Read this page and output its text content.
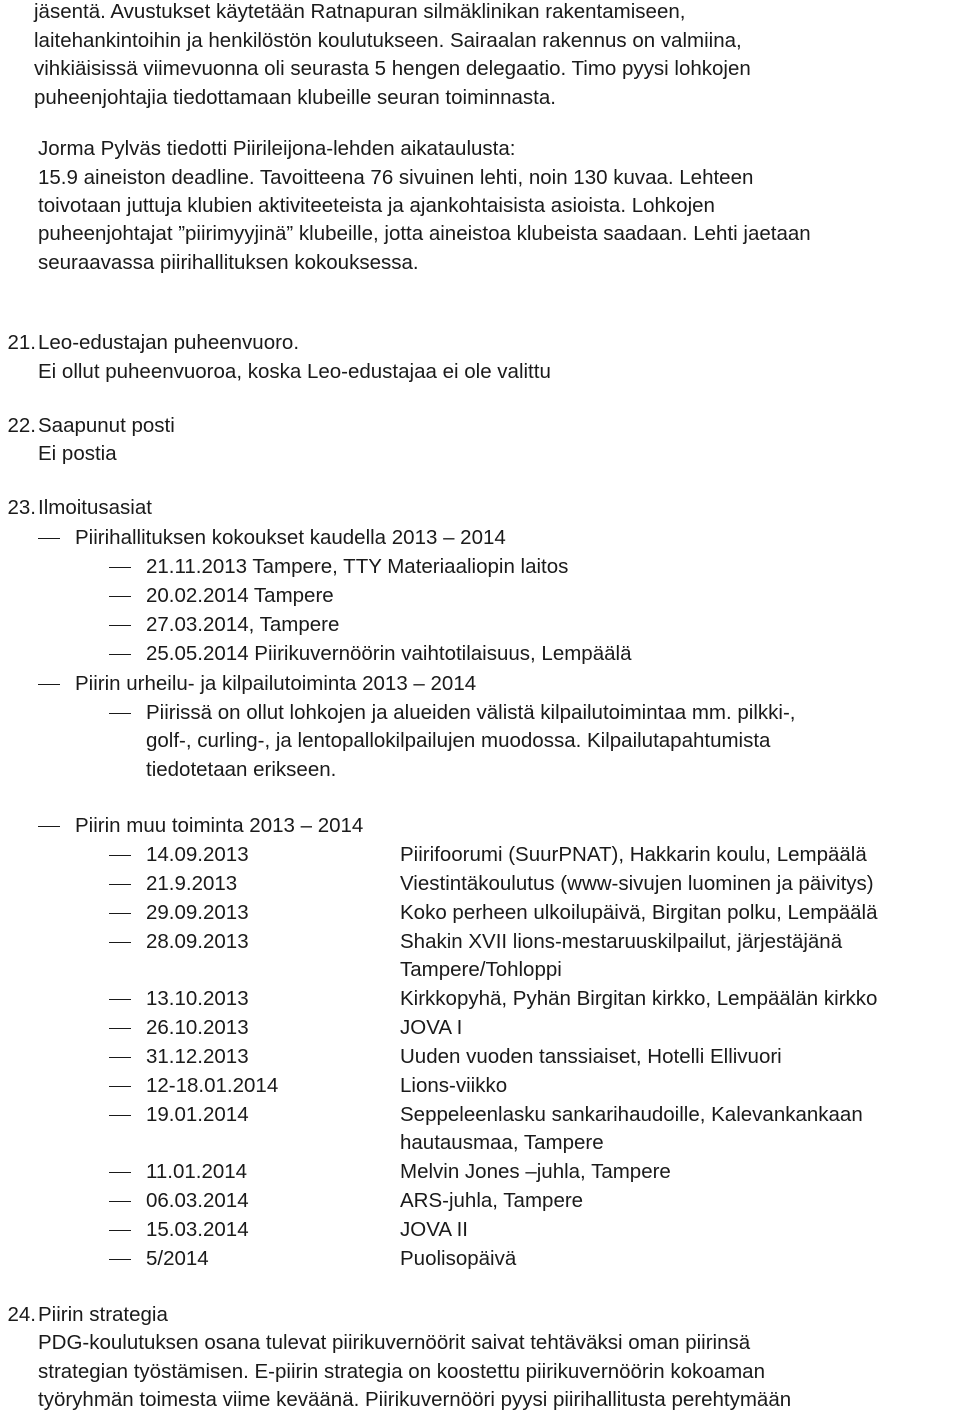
jäsentä. Avustukset käytetään Ratnapuran silmäklinikan rakentamiseen,
laitehankintoihin ja henkilöstön koulutukseen. Sairaalan rakennus on valmiina,
vihkiäisissä viimevuonna oli seurasta 5 hengen delegaatio. Timo pyysi lohkojen
puheenjohtajia tiedottamaan klubeille seuran toiminnasta.
Jorma Pylväs tiedotti Piirileijona-lehden aikataulusta:
15.9 aineiston deadline. Tavoitteena 76 sivuinen lehti, noin 130 kuvaa. Lehteen
toivotaan juttuja klubien aktiviteeteista ja ajankohtaisista asioista. Lohkojen
puheenjohtajat ”piirimyyjinä” klubeille, jotta aineistoa klubeista saadaan. Lehti jaetaan
seuraavassa piirihallituksen kokouksessa.
21. Leo-edustajan puheenvuoro.
Ei ollut puheenvuoroa, koska Leo-edustajaa ei ole valittu
22. Saapunut posti
Ei postia
23. Ilmoitusasiat
Piirihallituksen kokoukset kaudella 2013 – 2014
21.11.2013 Tampere, TTY Materiaaliopin laitos
20.02.2014 Tampere
27.03.2014, Tampere
25.05.2014 Piirikuvernöörin vaihtotilaisuus, Lempäälä
Piirin urheilu- ja kilpailutoiminta 2013 – 2014
Piirissä on ollut lohkojen ja alueiden välistä kilpailutoimintaa mm. pilkki-,
golf-, curling-, ja lentopallokilpailujen muodossa. Kilpailutapahtumista
tiedotetaan erikseen.
Piirin muu toiminta 2013 – 2014
14.09.2013	Piirifoorumi (SuurPNAT), Hakkarin koulu, Lempäälä
21.9.2013	Viestintäkoulutus (www-sivujen luominen ja päivitys)
29.09.2013	Koko perheen ulkoilupäivä, Birgitan polku, Lempäälä
28.09.2013	Shakin XVII lions-mestaruuskilpailut, järjestäjänä
Tampere/Tohloppi
13.10.2013	Kirkkopyhä, Pyhän Birgitan kirkko, Lempäälän kirkko
26.10.2013	JOVA I
31.12.2013	Uuden vuoden tanssiaiset, Hotelli Ellivuori
12-18.01.2014	Lions-viikko
19.01.2014	Seppeleenlasku sankarihaudoille, Kalevankankaan
hautausmaa, Tampere
11.01.2014	Melvin Jones –juhla, Tampere
06.03.2014	ARS-juhla, Tampere
15.03.2014	JOVA II
5/2014	Puolisopäivä
24. Piirin strategia
PDG-koulutuksen osana tulevat piirikuvernöörit saivat tehtäväksi oman piirinsä
strategian työstämisen. E-piirin strategia on koostettu piirikuvernöörin kokoaman
työryhmän toimesta viime keväänä. Piirikuvernööri pyysi piirihallitusta perehtymään
